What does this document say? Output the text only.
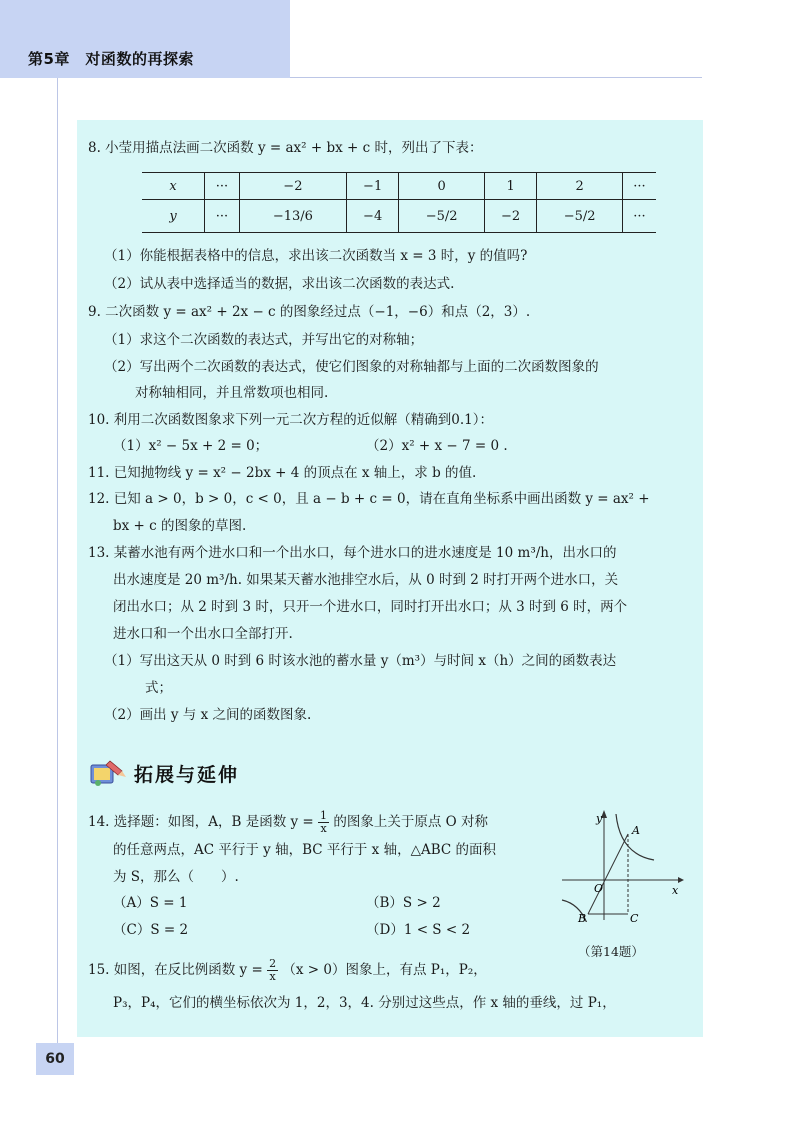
第5章　对函数的再探索
8. 小莹用描点法画二次函数 y = ax² + bx + c 时，列出了下表：
x	···	−2	−1	0	1	2	···
y	···	−13/6	−4	−5/2	−2	−5/2	···
（1）你能根据表格中的信息，求出该二次函数当 x = 3 时，y 的值吗?
（2）试从表中选择适当的数据，求出该二次函数的表达式.
9. 二次函数 y = ax² + 2x − c 的图象经过点（−1，−6）和点（2，3）.
（1）求这个二次函数的表达式，并写出它的对称轴；
（2）写出两个二次函数的表达式，使它们图象的对称轴都与上面的二次函数图象的
对称轴相同，并且常数项也相同.
10. 利用二次函数图象求下列一元二次方程的近似解（精确到0.1）：
（1）x² − 5x + 2 = 0；	（2）x² + x − 7 = 0 .
11. 已知抛物线 y = x² − 2bx + 4 的顶点在 x 轴上，求 b 的值.
12. 已知 a > 0，b > 0，c < 0，且 a − b + c = 0，请在直角坐标系中画出函数 y = ax² +
bx + c 的图象的草图.
13. 某蓄水池有两个进水口和一个出水口，每个进水口的进水速度是 10 m³/h，出水口的
出水速度是 20 m³/h. 如果某天蓄水池排空水后，从 0 时到 2 时打开两个进水口，关
闭出水口；从 2 时到 3 时，只开一个进水口，同时打开出水口；从 3 时到 6 时，两个
进水口和一个出水口全部打开.
（1）写出这天从 0 时到 6 时该水池的蓄水量 y（m³）与时间 x（h）之间的函数表达
式；
（2）画出 y 与 x 之间的函数图象.
拓展与延伸
14. 选择题：如图，A，B 是函数 $y = \frac{1}{x}$ 的图象上关于原点 O 对称
的任意两点，AC 平行于 y 轴，BC 平行于 x 轴，△ABC 的面积
为 S，那么（　　）.
（A）S = 1	（B）S > 2
（C）S = 2	（D）1 < S < 2
y
x
A
B	C
O
（第14题）
15. 如图，在反比例函数 $y = \frac{2}{x} (x > 0)$图象上，有点 P₁，P₂，
P₃，P₄，它们的横坐标依次为 1，2，3，4. 分别过这些点，作 x 轴的垂线，过 P₁，
60
